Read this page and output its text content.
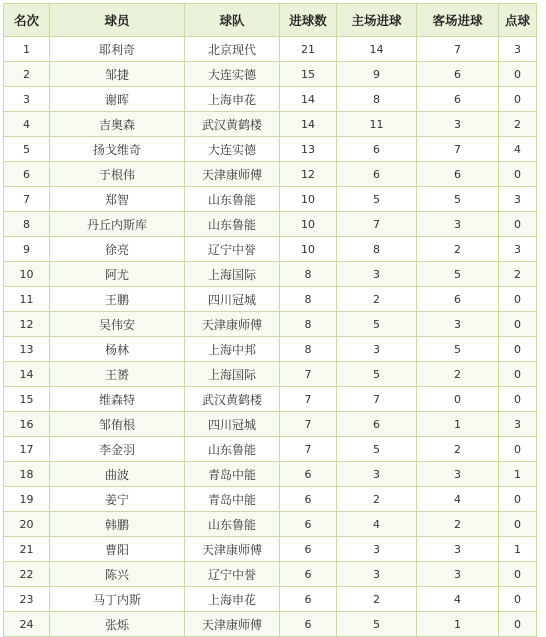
名次	球员	球队	进球数	主场进球	客场进球	点球
1	耶利奇	北京现代	21	14	7	3
2	邹捷	大连实德	15	9	6	0
3	谢晖	上海申花	14	8	6	0
4	吉奥森	武汉黄鹤楼	14	11	3	2
5	扬戈维奇	大连实德	13	6	7	4
6	于根伟	天津康师傅	12	6	6	0
7	郑智	山东鲁能	10	5	5	3
8	丹丘内斯库	山东鲁能	10	7	3	0
9	徐亮	辽宁中誉	10	8	2	3
10	阿尤	上海国际	8	3	5	2
11	王鹏	四川冠城	8	2	6	0
12	吴伟安	天津康师傅	8	5	3	0
13	杨林	上海中邦	8	3	5	0
14	王赟	上海国际	7	5	2	0
15	维森特	武汉黄鹤楼	7	7	0	0
16	邹侑根	四川冠城	7	6	1	3
17	李金羽	山东鲁能	7	5	2	0
18	曲波	青岛中能	6	3	3	1
19	姜宁	青岛中能	6	2	4	0
20	韩鹏	山东鲁能	6	4	2	0
21	曹阳	天津康师傅	6	3	3	1
22	陈兴	辽宁中誉	6	3	3	0
23	马丁内斯	上海申花	6	2	4	0
24	张烁	天津康师傅	6	5	1	0
